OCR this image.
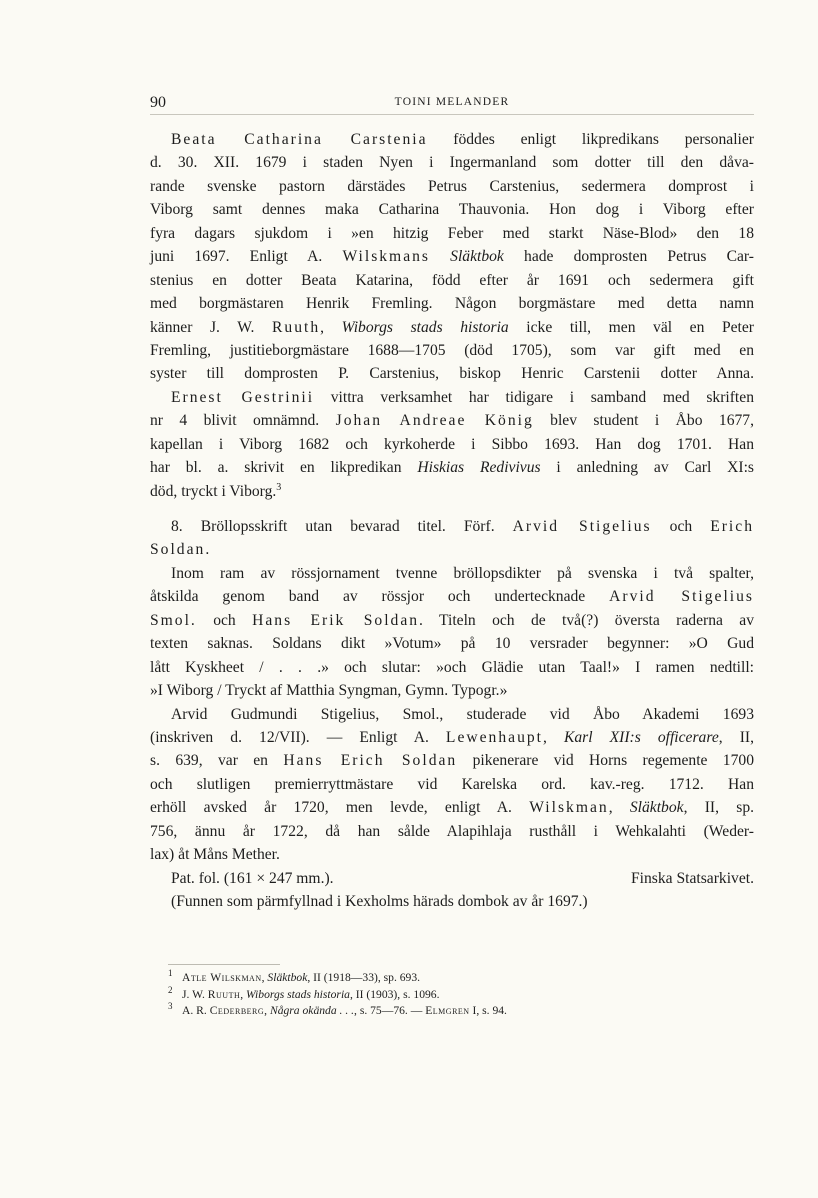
90	TOINI MELANDER
Beata Catharina Carstenia föddes enligt likpredikans personalier
d. 30. XII. 1679 i staden Nyen i Ingermanland som dotter till den dåva-
rande svenske pastorn därstädes Petrus Carstenius, sedermera domprost i
Viborg samt dennes maka Catharina Thauvonia. Hon dog i Viborg efter
fyra dagars sjukdom i »en hitzig Feber med starkt Näse-Blod» den 18
juni 1697. Enligt A. Wilskmans Släktbok hade domprosten Petrus Car-
stenius en dotter Beata Katarina, född efter år 1691 och sedermera gift
med borgmästaren Henrik Fremling. Någon borgmästare med detta namn
känner J. W. Ruuth, Wiborgs stads historia icke till, men väl en Peter
Fremling, justitieborgmästare 1688—1705 (död 1705), som var gift med en
syster till domprosten P. Carstenius, biskop Henric Carstenii dotter Anna.
Ernest Gestrinii vittra verksamhet har tidigare i samband med skriften
nr 4 blivit omnämnd. Johan Andreae König blev student i Åbo 1677,
kapellan i Viborg 1682 och kyrkoherde i Sibbo 1693. Han dog 1701. Han
har bl. a. skrivit en likpredikan Hiskias Redivivus i anledning av Carl XI:s
död, tryckt i Viborg.$^3$
8. Bröllopsskrift utan bevarad titel. Förf. Arvid Stigelius och Erich
Soldan.
Inom ram av rössjornament tvenne bröllopsdikter på svenska i två spalter,
åtskilda genom band av rössjor och undertecknade Arvid Stigelius
Smol. och Hans Erik Soldan. Titeln och de två(?) översta raderna av
texten saknas. Soldans dikt »Votum» på 10 versrader begynner: »O Gud
lått Kyskheet / . . .» och slutar: »och Glädie utan Taal!» I ramen nedtill:
»I Wiborg / Tryckt af Matthia Syngman, Gymn. Typogr.»
Arvid Gudmundi Stigelius, Smol., studerade vid Åbo Akademi 1693
(inskriven d. 12/VII). — Enligt A. Lewenhaupt, Karl XII:s officerare, II,
s. 639, var en Hans Erich Soldan pikenerare vid Horns regemente 1700
och slutligen premierryttmästare vid Karelska ord. kav.-reg. 1712. Han
erhöll avsked år 1720, men levde, enligt A. Wilskman, Släktbok, II, sp.
756, ännu år 1722, då han sålde Alapihlaja rusthåll i Wehkalahti (Weder-
lax) åt Måns Mether.
Pat. fol. (161 × 247 mm.).	Finska Statsarkivet.
(Funnen som pärmfyllnad i Kexholms härads dombok av år 1697.)
1 Atle Wilskman, Släktbok, II (1918—33), sp. 693.
2 J. W. Ruuth, Wiborgs stads historia, II (1903), s. 1096.
3 A. R. Cederberg, Några okända . . ., s. 75—76. — Elmgren I, s. 94.
